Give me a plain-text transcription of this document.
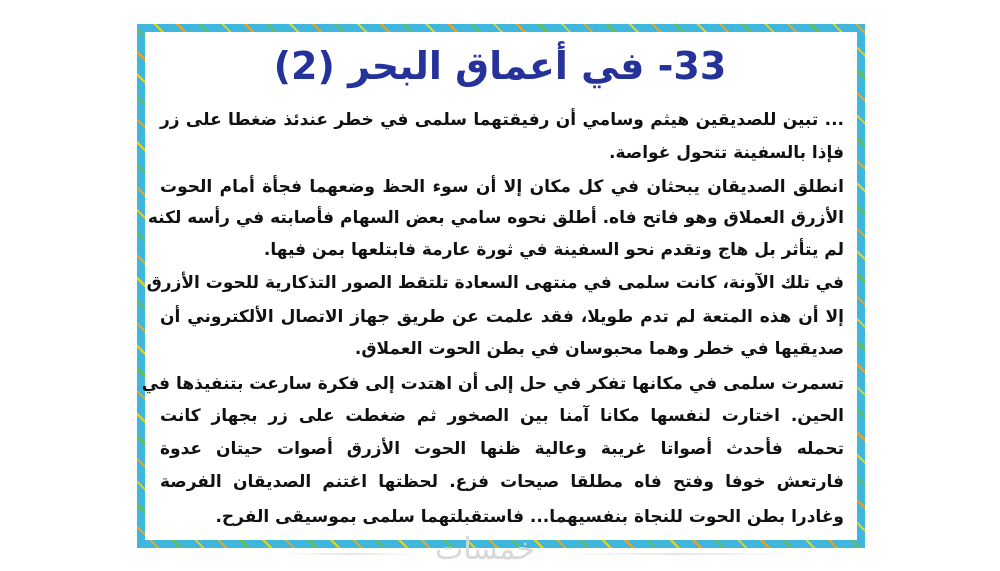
33- في أعماق البحر (2)
... تبين للصديقين هيثم وسامي أن رفيقتهما سلمى في خطر عندئذ ضغطا على زر
فإذا بالسفينة تتحول غواصة.
انطلق الصديقان يبحثان في كل مكان إلا أن سوء الحظ وضعهما فجأة أمام الحوت
الأزرق العملاق وهو فاتح فاه. أطلق نحوه سامي بعض السهام فأصابته في رأسه لكنه
لم يتأثر بل هاج وتقدم نحو السفينة في ثورة عارمة فابتلعها بمن فيها.
في تلك الآونة، كانت سلمى في منتهى السعادة تلتقط الصور التذكارية للحوت الأزرق
إلا أن هذه المتعة لم تدم طويلا، فقد علمت عن طريق جهاز الاتصال الألكتروني أن
صديقيها في خطر وهما محبوسان في بطن الحوت العملاق.
تسمرت سلمى في مكانها تفكر في حل إلى أن اهتدت إلى فكرة سارعت بتنفيذها في
الحين. اختارت لنفسها مكانا آمنا بين الصخور ثم ضغطت على زر بجهاز كانت
تحمله فأحدث أصواتا غريبة وعالية ظنها الحوت الأزرق أصوات حيتان عدوة
فارتعش خوفا وفتح فاه مطلقا صيحات فزع. لحظتها اغتنم الصديقان الفرصة
وغادرا بطن الحوت للنجاة بنفسيهما... فاستقبلتهما سلمى بموسيقى الفرح.
خمسات
